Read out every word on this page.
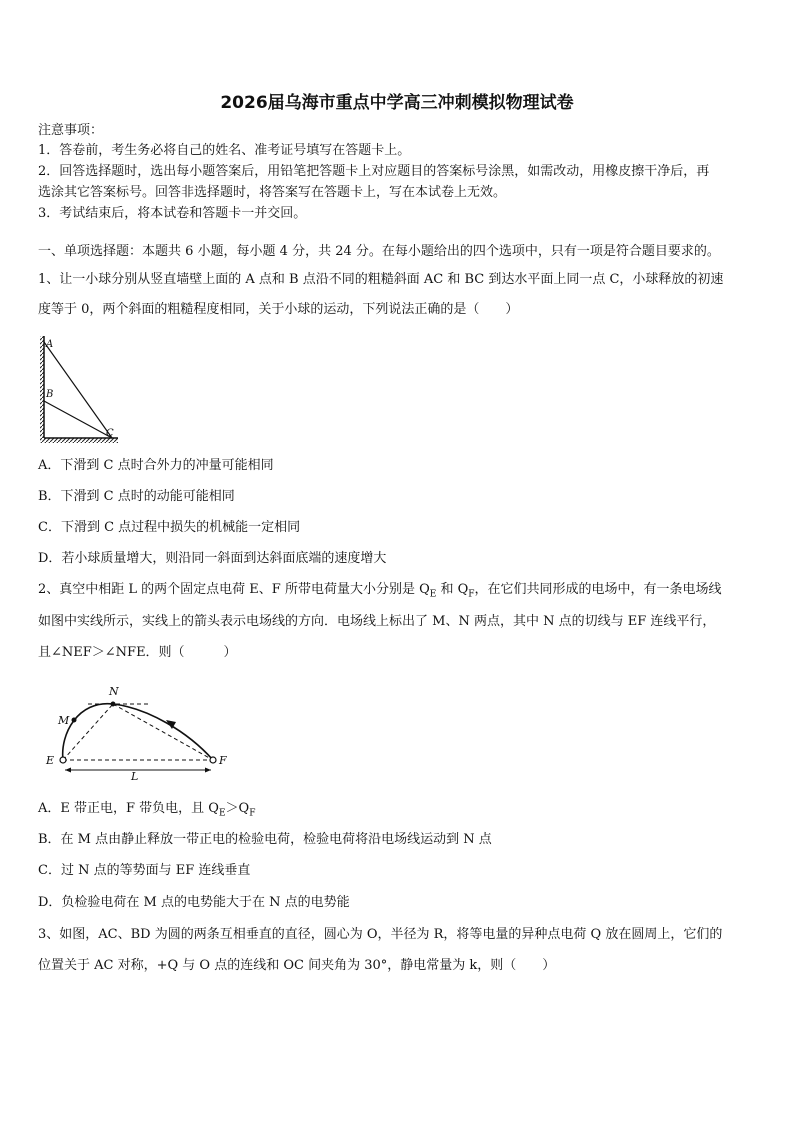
2026届乌海市重点中学高三冲刺模拟物理试卷
注意事项：
1．答卷前，考生务必将自己的姓名、准考证号填写在答题卡上。
2．回答选择题时，选出每小题答案后，用铅笔把答题卡上对应题目的答案标号涂黑，如需改动，用橡皮擦干净后，再
选涂其它答案标号。回答非选择题时，将答案写在答题卡上，写在本试卷上无效。
3．考试结束后，将本试卷和答题卡一并交回。
一、单项选择题：本题共 6 小题，每小题 4 分，共 24 分。在每小题给出的四个选项中，只有一项是符合题目要求的。
1、让一小球分别从竖直墙壁上面的 A 点和 B 点沿不同的粗糙斜面 AC 和 BC 到达水平面上同一点 C，小球释放的初速
度等于 0，两个斜面的粗糙程度相同，关于小球的运动，下列说法正确的是（　　）
A
B
C
A．下滑到 C 点时合外力的冲量可能相同
B．下滑到 C 点时的动能可能相同
C．下滑到 C 点过程中损失的机械能一定相同
D．若小球质量增大，则沿同一斜面到达斜面底端的速度增大
2、真空中相距 L 的两个固定点电荷 E、F 所带电荷量大小分别是 $Q_E$ 和 $Q_F$，在它们共同形成的电场中，有一条电场线
如图中实线所示，实线上的箭头表示电场线的方向．电场线上标出了 M、N 两点，其中 N 点的切线与 EF 连线平行，
且∠NEF＞∠NFE．则（　　　）
N
M
E	F
L
A．E 带正电，F 带负电，且 $Q_E>Q_F$
B．在 M 点由静止释放一带正电的检验电荷，检验电荷将沿电场线运动到 N 点
C．过 N 点的等势面与 EF 连线垂直
D．负检验电荷在 M 点的电势能大于在 N 点的电势能
3、如图，AC、BD 为圆的两条互相垂直的直径，圆心为 O，半径为 R，将等电量的异种点电荷 Q 放在圆周上，它们的
位置关于 AC 对称，+Q 与 O 点的连线和 OC 间夹角为 30°，静电常量为 k，则（　　）
